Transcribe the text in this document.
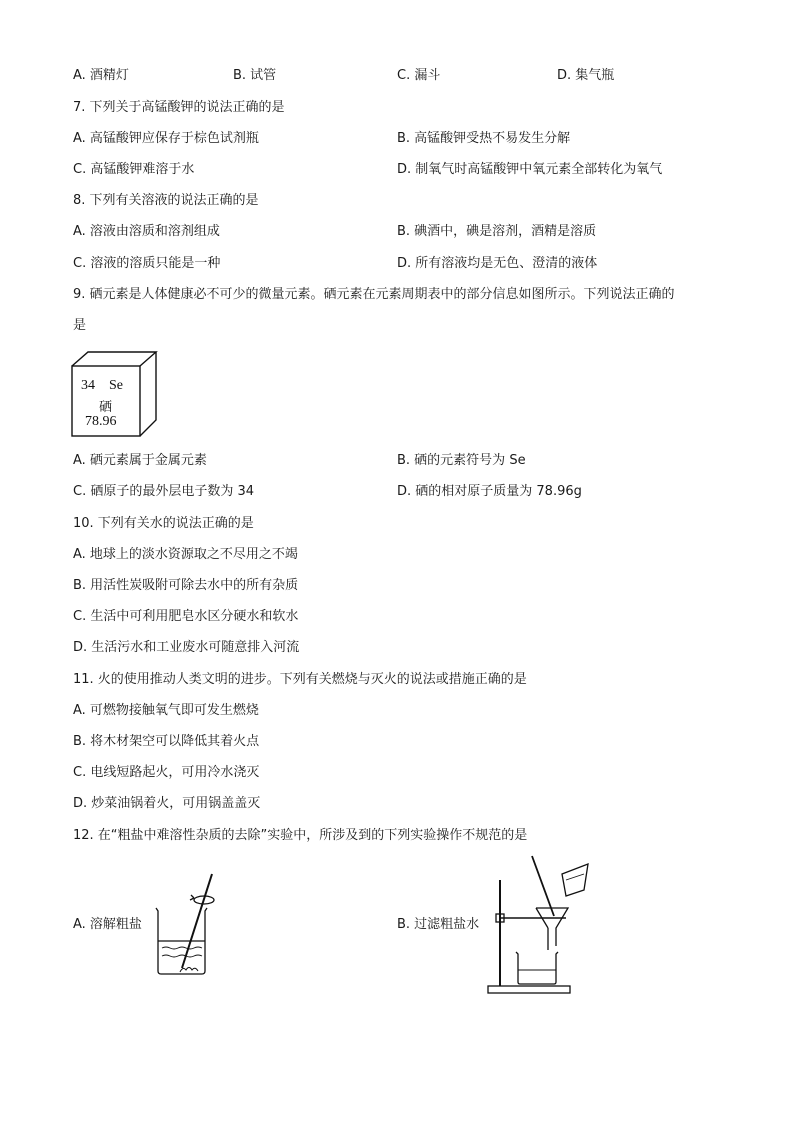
A. 酒精灯	B. 试管	C. 漏斗	D. 集气瓶
7. 下列关于高锰酸钾的说法正确的是
A. 高锰酸钾应保存于棕色试剂瓶	B. 高锰酸钾受热不易发生分解
C. 高锰酸钾难溶于水	D. 制氧气时高锰酸钾中氧元素全部转化为氧气
8. 下列有关溶液的说法正确的是
A. 溶液由溶质和溶剂组成	B. 碘酒中，碘是溶剂，酒精是溶质
C. 溶液的溶质只能是一种	D. 所有溶液均是无色、澄清的液体
9. 硒元素是人体健康必不可少的微量元素。硒元素在元素周期表中的部分信息如图所示。下列说法正确的
是
34 Se
硒
78.96
A. 硒元素属于金属元素	B. 硒的元素符号为 Se
C. 硒原子的最外层电子数为 34	D. 硒的相对原子质量为 78.96g
10. 下列有关水的说法正确的是
A. 地球上的淡水资源取之不尽用之不竭
B. 用活性炭吸附可除去水中的所有杂质
C. 生活中可利用肥皂水区分硬水和软水
D. 生活污水和工业废水可随意排入河流
11. 火的使用推动人类文明的进步。下列有关燃烧与灭火的说法或措施正确的是
A. 可燃物接触氧气即可发生燃烧
B. 将木材架空可以降低其着火点
C. 电线短路起火，可用冷水浇灭
D. 炒菜油锅着火，可用锅盖盖灭
12. 在“粗盐中难溶性杂质的去除”实验中，所涉及到的下列实验操作不规范的是
A. 溶解粗盐	B. 过滤粗盐水
